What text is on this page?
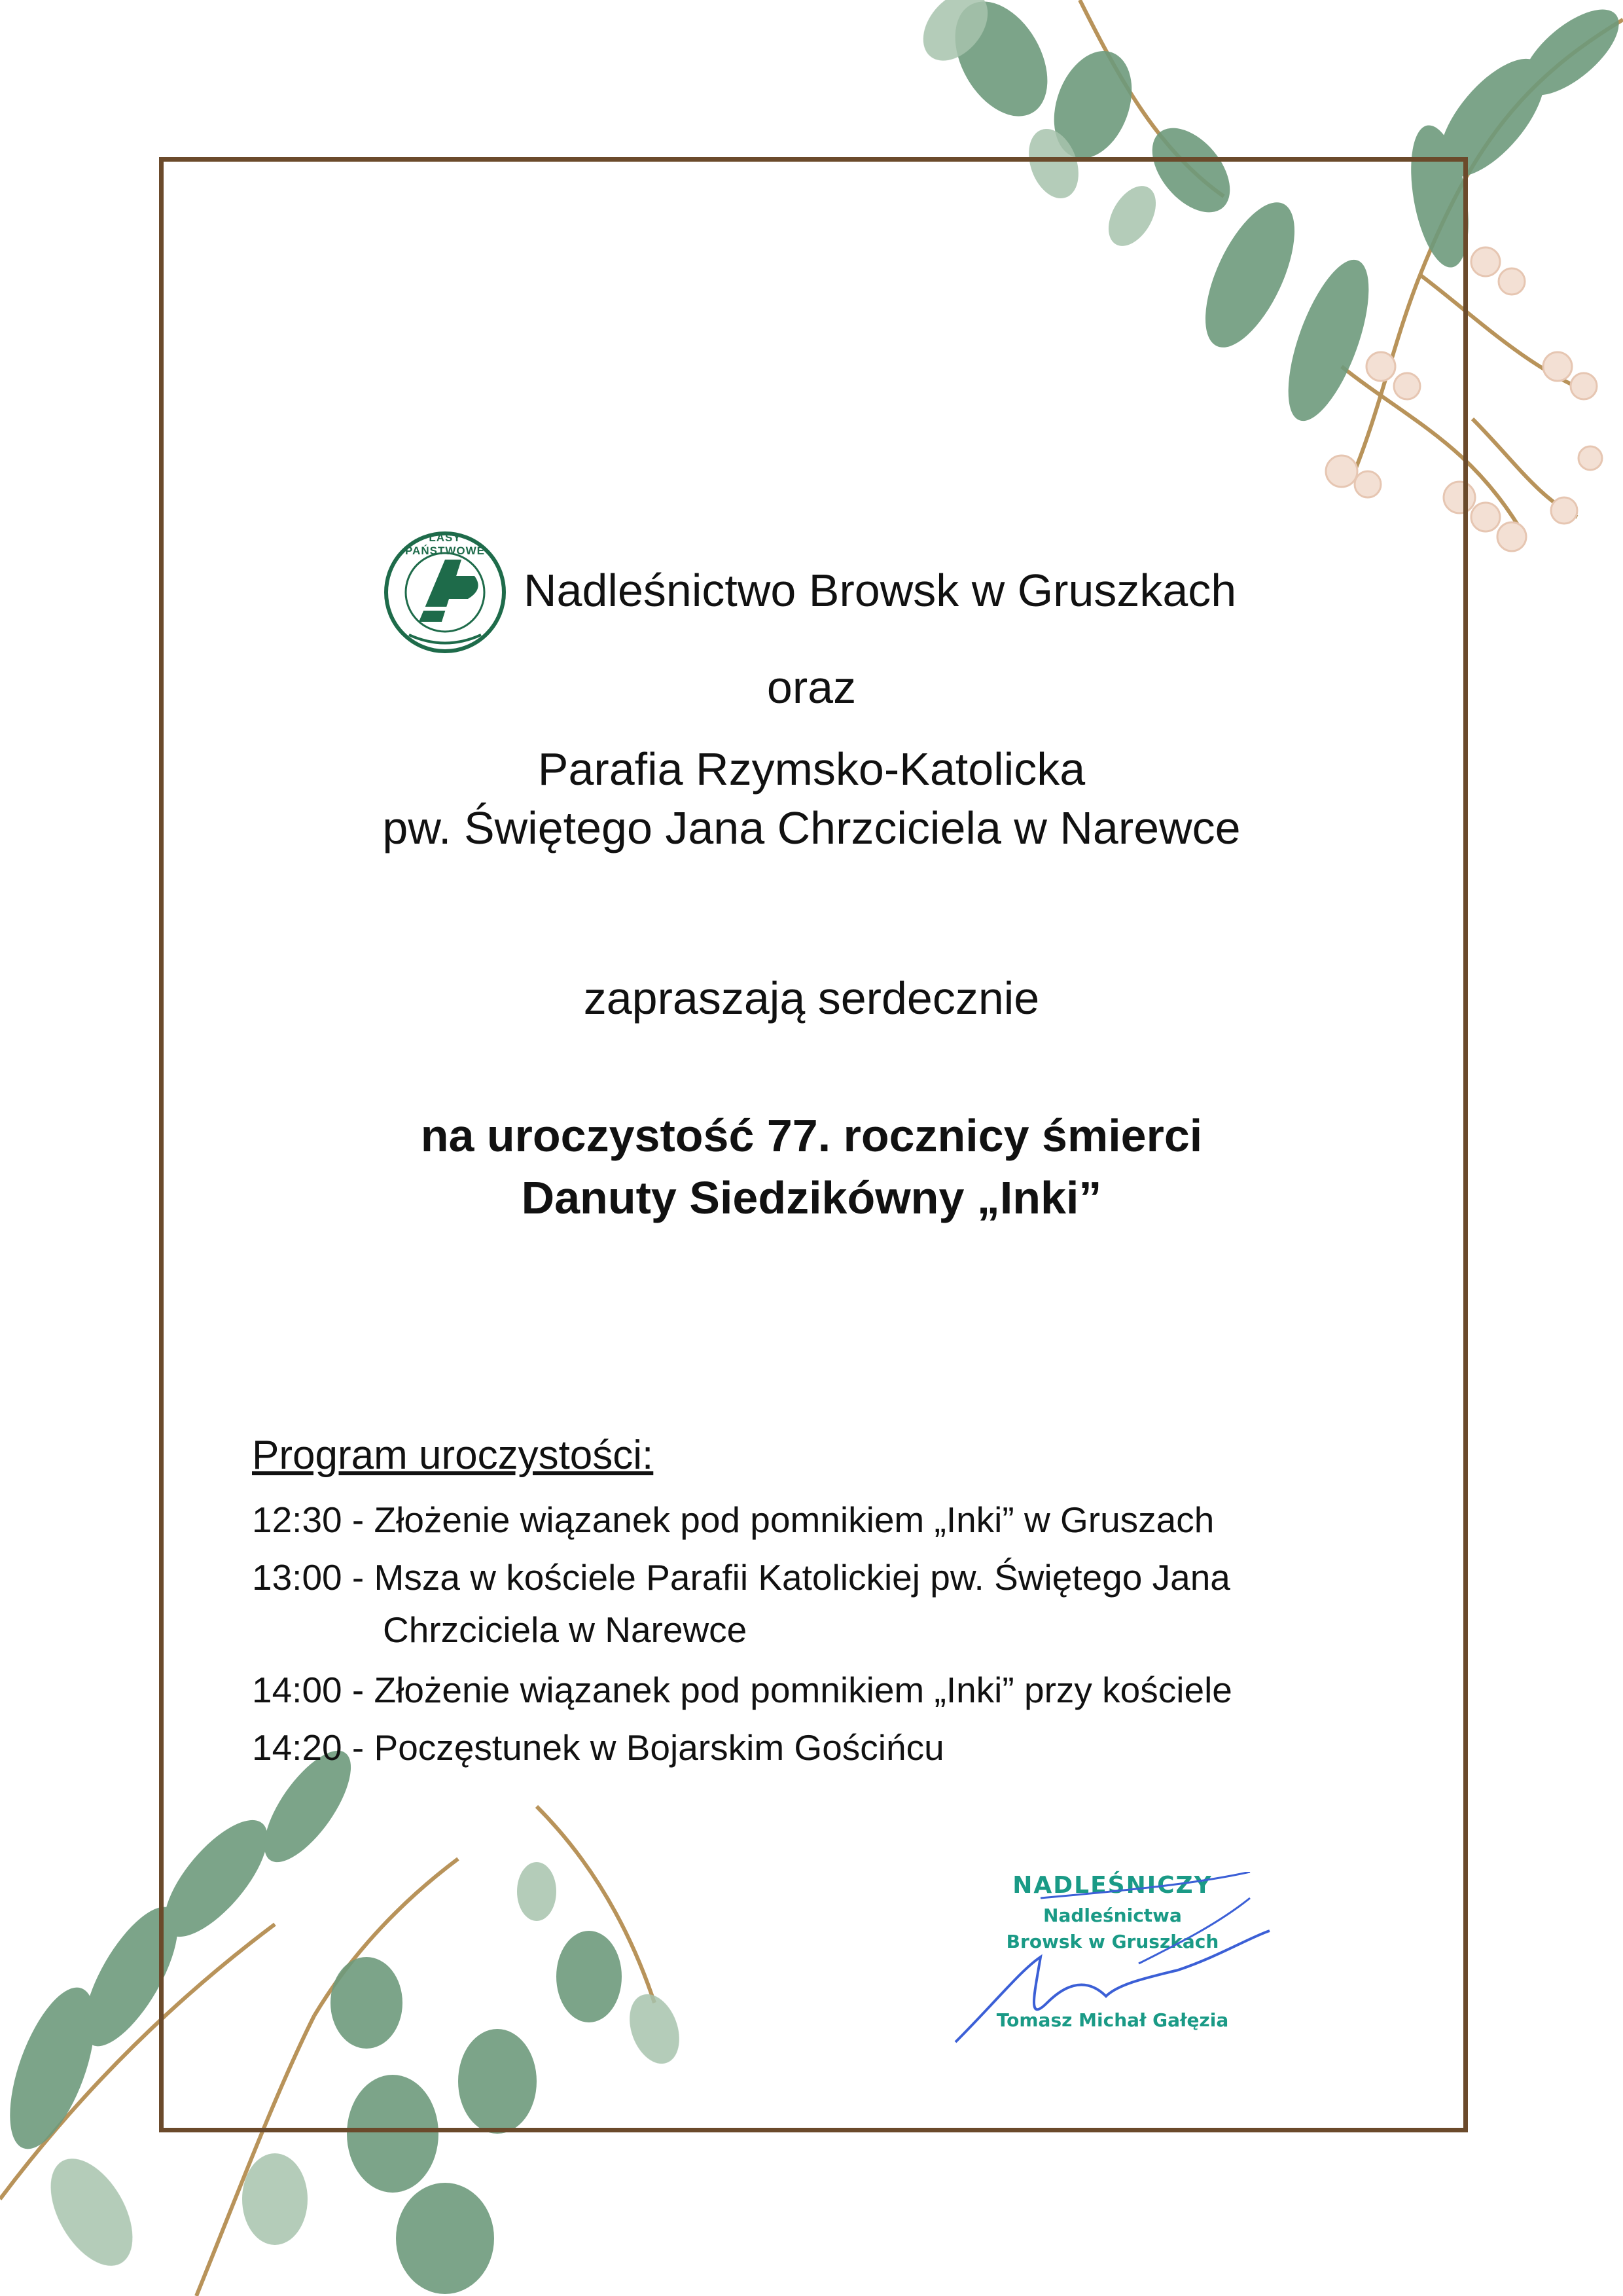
LASY PAŃSTWOWE
Nadleśnictwo Browsk w Gruszkach
oraz
Parafia Rzymsko-Katolicka
pw. Świętego Jana Chrzciciela w Narewce
zapraszają serdecznie
na uroczystość 77. rocznicy śmierci
Danuty Siedzikówny „Inki”
Program uroczystości:
12:30 - Złożenie wiązanek pod pomnikiem „Inki” w Gruszach
13:00 - Msza w kościele Parafii Katolickiej pw. Świętego Jana
Chrzciciela w Narewce
14:00 - Złożenie wiązanek pod pomnikiem „Inki” przy kościele
14:20 - Poczęstunek w Bojarskim Gościńcu
NADLEŚNICZY
Nadleśnictwa
Browsk w Gruszkach
Tomasz Michał Gałęzia
